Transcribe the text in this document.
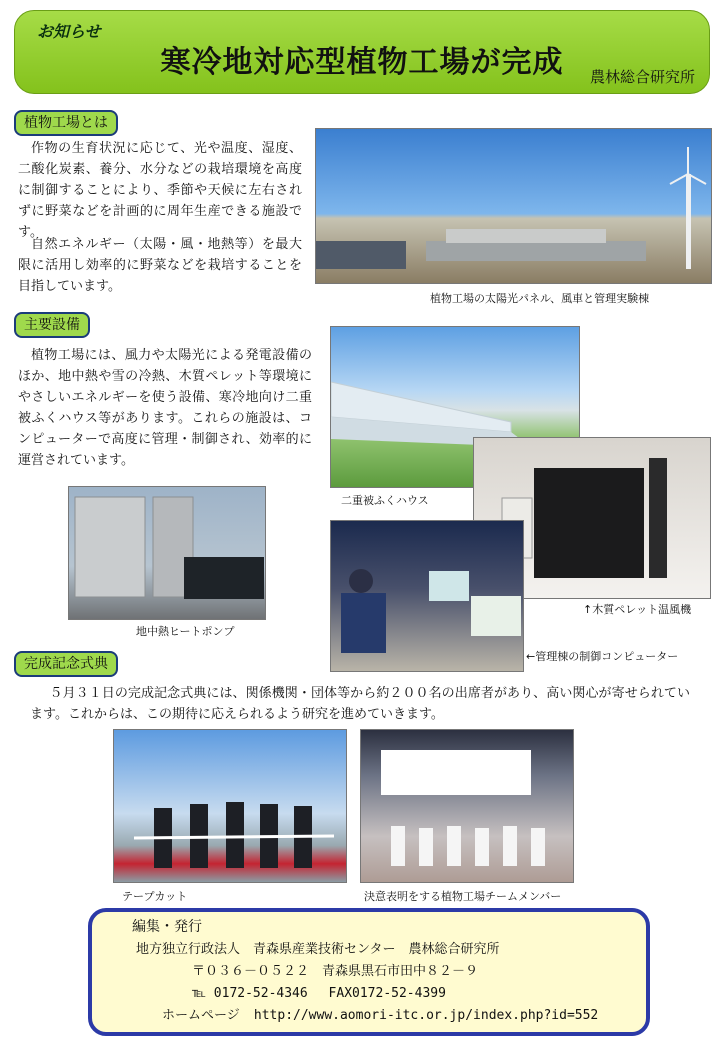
お知らせ
寒冷地対応型植物工場が完成	農林総合研究所
植物工場とは
作物の生育状況に応じて、光や温度、湿度、二酸化炭素、養分、水分などの栽培環境を高度に制御することにより、季節や天候に左右されずに野菜などを計画的に周年生産できる施設です。
自然エネルギー（太陽・風・地熱等）を最大限に活用し効率的に野菜などを栽培することを目指しています。
植物工場の太陽光パネル、風車と管理実験棟
主要設備
植物工場には、風力や太陽光による発電設備のほか、地中熱や雪の冷熱、木質ペレット等環境にやさしいエネルギーを使う設備、寒冷地向け二重被ふくハウス等があります。これらの施設は、コンピューターで高度に管理・制御され、効率的に運営されています。
二重被ふくハウス
↑木質ペレット温風機
←管理棟の制御コンピューター
地中熱ヒートポンプ
完成記念式典
５月３１日の完成記念式典には、関係機関・団体等から約２００名の出席者があり、高い関心が寄せられています。これからは、この期待に応えられるよう研究を進めていきます。
テープカット	決意表明をする植物工場チームメンバー
編集・発行
地方独立行政法人　青森県産業技術センター　農林総合研究所
〒０３６－０５２２　青森県黒石市田中８２－９
℡ 0172-52-4346　 FAX0172-52-4399
ホームページ http://www.aomori-itc.or.jp/index.php?id=552
